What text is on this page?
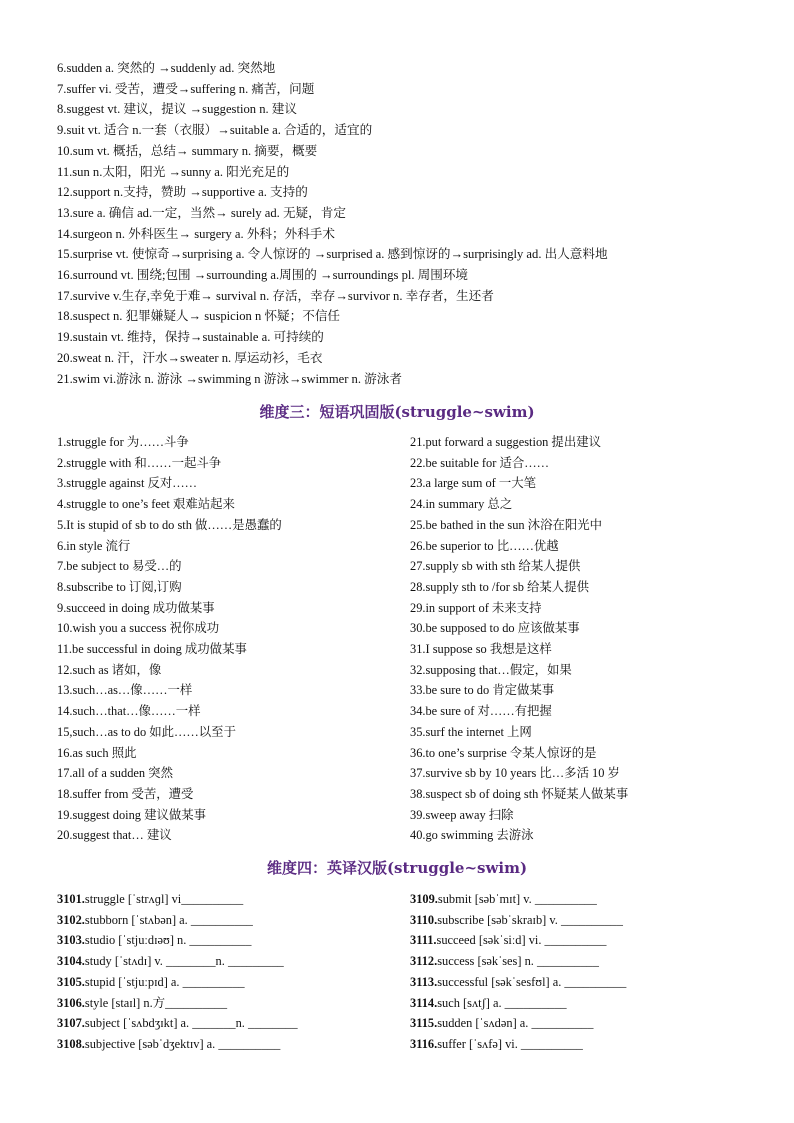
6.sudden a. 突然的 →suddenly ad. 突然地
7.suffer vi. 受苦，遭受→suffering n. 痛苦，问题
8.suggest vt. 建议，提议 →suggestion n. 建议
9.suit vt. 适合 n.一套（衣服）→suitable a. 合适的，适宜的
10.sum vt. 概括，总结→ summary n. 摘要，概要
11.sun n.太阳，阳光 →sunny a. 阳光充足的
12.support n.支持，赞助 →supportive a. 支持的
13.sure a. 确信 ad.一定，当然→ surely ad. 无疑，肯定
14.surgeon n. 外科医生→ surgery a. 外科；外科手术
15.surprise vt. 使惊奇→surprising a. 令人惊讶的 →surprised a. 感到惊讶的→surprisingly ad. 出人意料地
16.surround vt. 围绕;包围 →surrounding a.周围的 →surroundings pl. 周围环境
17.survive v.生存,幸免于难→ survival n. 存活，幸存→survivor n. 幸存者，生还者
18.suspect n. 犯罪嫌疑人→ suspicion n 怀疑；不信任
19.sustain vt. 维持，保持→sustainable a. 可持续的
20.sweat n. 汗，汗水→sweater n. 厚运动衫，毛衣
21.swim vi.游泳 n. 游泳 →swimming n 游泳→swimmer n. 游泳者
维度三：短语巩固版(struggle~swim)
1.struggle for 为……斗争
2.struggle with 和……一起斗争
3.struggle against 反对……
4.struggle to one’s feet 艰难站起来
5.It is stupid of sb to do sth 做……是愚蠢的
6.in style 流行
7.be subject to 易受…的
8.subscribe to 订阅,订购
9.succeed in doing 成功做某事
10.wish you a success 祝你成功
11.be successful in doing 成功做某事
12.such as 诸如，像
13.such…as…像……一样
14.such…that…像……一样
15,such…as to do 如此……以至于
16.as such 照此
17.all of a sudden 突然
18.suffer from 受苦，遭受
19.suggest doing 建议做某事
20.suggest that… 建议
21.put forward a suggestion 提出建议
22.be suitable for 适合……
23.a large sum of 一大笔
24.in summary 总之
25.be bathed in the sun 沐浴在阳光中
26.be superior to 比……优越
27.supply sb with sth 给某人提供
28.supply sth to /for sb 给某人提供
29.in support of 未来支持
30.be supposed to do 应该做某事
31.I suppose so 我想是这样
32.supposing that…假定，如果
33.be sure to do 肯定做某事
34.be sure of 对……有把握
35.surf the internet 上网
36.to one’s surprise 令某人惊讶的是
37.survive sb by 10 years 比…多活 10 岁
38.suspect sb of doing sth 怀疑某人做某事
39.sweep away 扫除
40.go swimming 去游泳
维度四：英译汉版(struggle~swim)
3101.struggle [ˈstrʌɡl] vi__________
3102.stubborn [ˈstʌbən] a. __________
3103.studio [ˈstjuːdɪəʊ] n. __________
3104.study [ˈstʌdɪ] v. ________n. _________
3105.stupid [ˈstjuːpɪd] a. __________
3106.style [staɪl] n.方__________
3107.subject [ˈsʌbdʒɪkt] a. _______n. ________
3108.subjective [səbˈdʒektɪv] a. __________
3109.submit [səbˈmɪt] v. __________
3110.subscribe [səbˈskraɪb] v. __________
3111.succeed [səkˈsiːd] vi. __________
3112.success [səkˈses] n. __________
3113.successful [səkˈsesfʊl] a. __________
3114.such [sʌtʃ] a. __________
3115.sudden [ˈsʌdən] a. __________
3116.suffer [ˈsʌfə] vi. __________
